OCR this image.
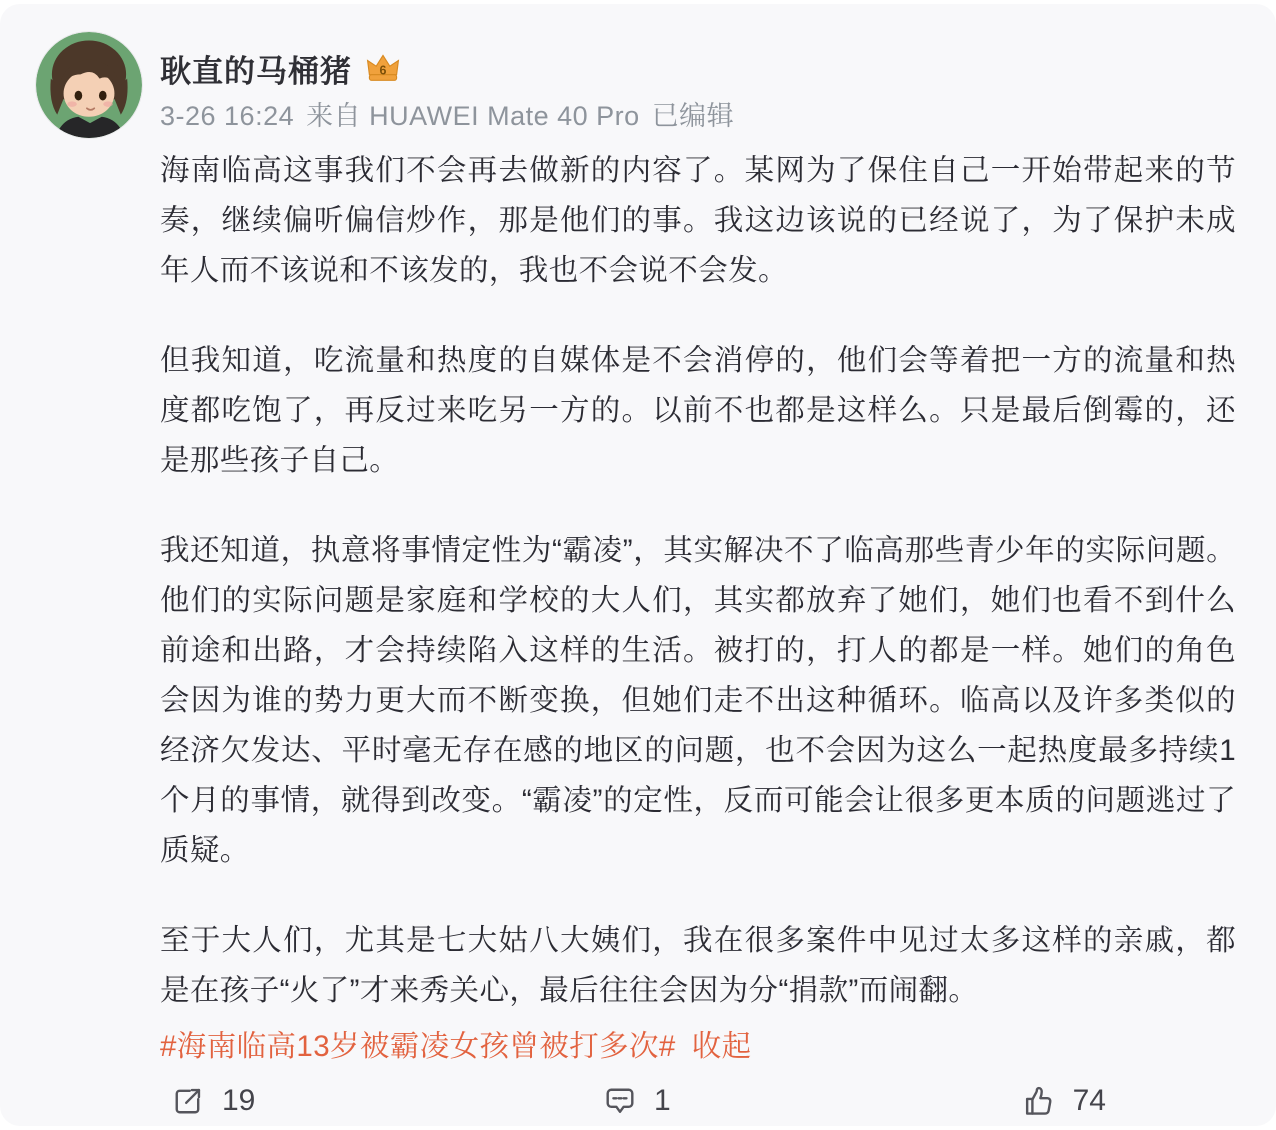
耿直的马桶猪	6
3-26 16:24 来自 HUAWEI Mate 40 Pro 已编辑

海南临高这事我们不会再去做新的内容了。某网为了保住自己一开始带起来的节奏，继续偏听偏信炒作，那是他们的事。我这边该说的已经说了，为了保护未成年人而不该说和不该发的，我也不会说不会发。

但我知道，吃流量和热度的自媒体是不会消停的，他们会等着把一方的流量和热度都吃饱了，再反过来吃另一方的。以前不也都是这样么。只是最后倒霉的，还是那些孩子自己。

我还知道，执意将事情定性为“霸凌”，其实解决不了临高那些青少年的实际问题。他们的实际问题是家庭和学校的大人们，其实都放弃了她们，她们也看不到什么前途和出路，才会持续陷入这样的生活。被打的，打人的都是一样。她们的角色会因为谁的势力更大而不断变换，但她们走不出这种循环。临高以及许多类似的经济欠发达、平时毫无存在感的地区的问题，也不会因为这么一起热度最多持续1个月的事情，就得到改变。“霸凌”的定性，反而可能会让很多更本质的问题逃过了质疑。

至于大人们，尤其是七大姑八大姨们，我在很多案件中见过太多这样的亲戚，都是在孩子“火了”才来秀关心，最后往往会因为分“捐款”而闹翻。

#海南临高13岁被霸凌女孩曾被打多次# 收起
19	1	74
